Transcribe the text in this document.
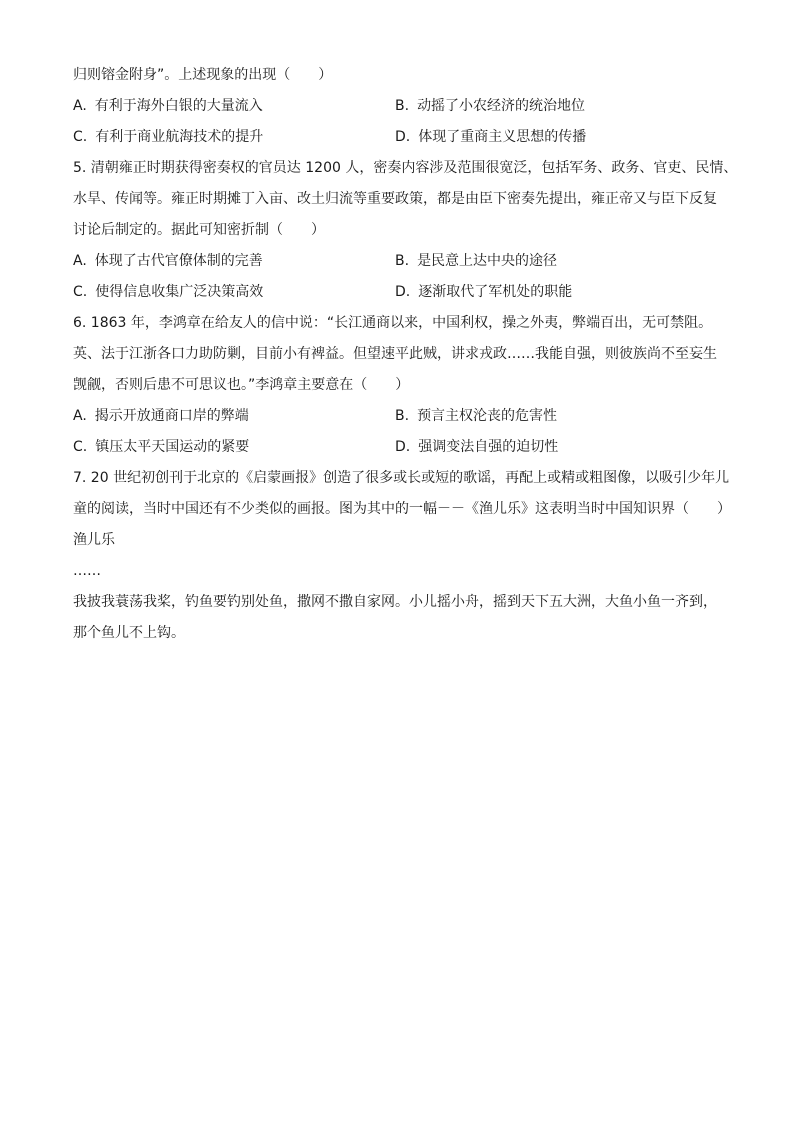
归则镕金附身”。上述现象的出现（　　）
A. 有利于海外白银的大量流入	B. 动摇了小农经济的统治地位
C. 有利于商业航海技术的提升	D. 体现了重商主义思想的传播
5. 清朝雍正时期获得密奏权的官员达 1200 人，密奏内容涉及范围很宽泛，包括军务、政务、官吏、民情、
水旱、传闻等。雍正时期摊丁入亩、改土归流等重要政策，都是由臣下密奏先提出，雍正帝又与臣下反复
讨论后制定的。据此可知密折制（　　）
A. 体现了古代官僚体制的完善	B. 是民意上达中央的途径
C. 使得信息收集广泛决策高效	D. 逐渐取代了军机处的职能
6. 1863 年，李鸿章在给友人的信中说：“长江通商以来，中国利权，操之外夷，弊端百出，无可禁阻。
英、法于江浙各口力助防剿，目前小有裨益。但望速平此贼，讲求戎政……我能自强，则彼族尚不至妄生
觊觎，否则后患不可思议也。”李鸿章主要意在（　　）
A. 揭示开放通商口岸的弊端	B. 预言主权沦丧的危害性
C. 镇压太平天国运动的紧要	D. 强调变法自强的迫切性
7. 20 世纪初创刊于北京的《启蒙画报》创造了很多或长或短的歌谣，再配上或精或粗图像，以吸引少年儿
童的阅读，当时中国还有不少类似的画报。图为其中的一幅－－《渔儿乐》这表明当时中国知识界（　　）
渔儿乐
……
我披我蓑荡我桨，钓鱼要钓别处鱼，撒网不撒自家网。小儿摇小舟，摇到天下五大洲，大鱼小鱼一齐到，
那个鱼儿不上钩。
